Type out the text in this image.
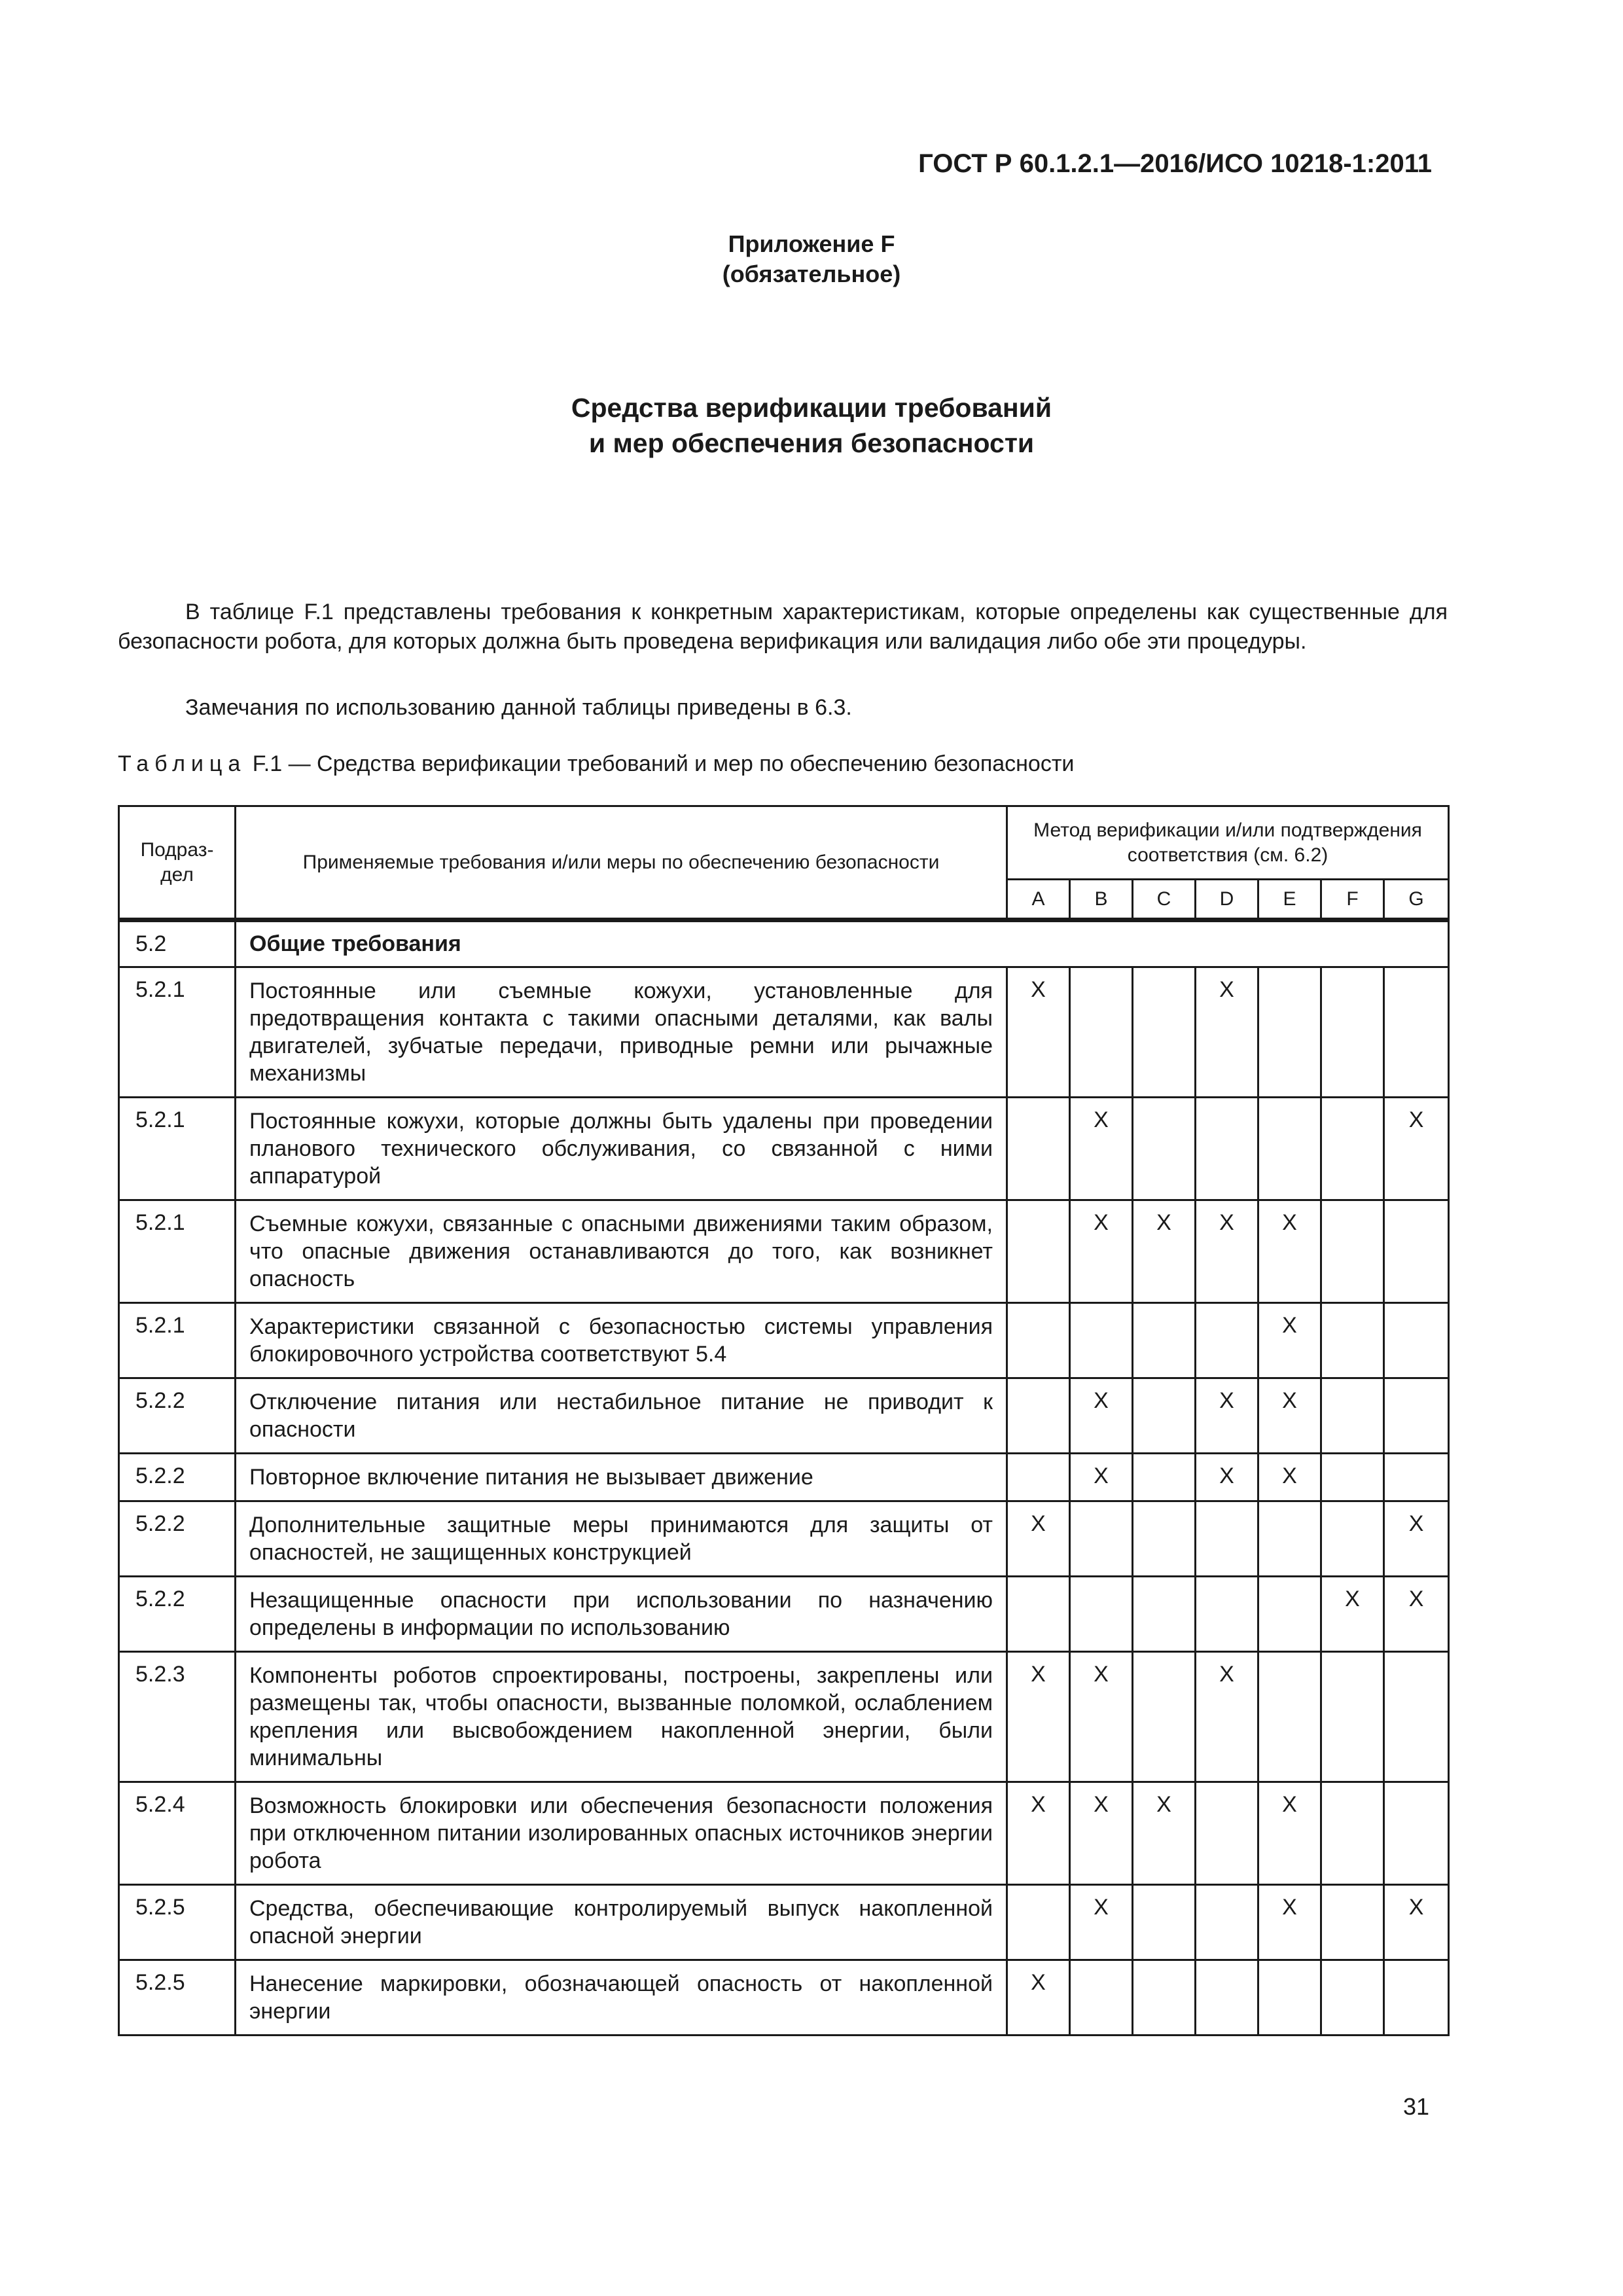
ГОСТ Р 60.1.2.1—2016/ИСО 10218-1:2011
Приложение F
(обязательное)
Средства верификации требований
и мер обеспечения безопасности
В таблице F.1 представлены требования к конкретным характеристикам, которые определены как существенные для безопасности робота, для которых должна быть проведена верификация или валидация либо обе эти процедуры.
Замечания по использованию данной таблицы приведены в 6.3.
Таблица F.1 — Средства верификации требований и мер по обеспечению безопасности
Подраз-дел	Применяемые требования и/или меры по обеспечению безопасности	Метод верификации и/или подтверждения соответствия (см. 6.2)						
		A	B	C	D	E	F	G
5.2	Общие требования							
5.2.1	Постоянные или съемные кожухи, установленные для предотвращения контакта с такими опасными деталями, как валы двигателей, зубчатые передачи, приводные ремни или рычажные механизмы	X			X			
5.2.1	Постоянные кожухи, которые должны быть удалены при проведении планового технического обслуживания, со связанной с ними аппаратурой		X					X
5.2.1	Съемные кожухи, связанные с опасными движениями таким образом, что опасные движения останавливаются до того, как возникнет опасность		X	X	X	X		
5.2.1	Характеристики связанной с безопасностью системы управления блокировочного устройства соответствуют 5.4					X		
5.2.2	Отключение питания или нестабильное питание не приводит к опасности		X		X	X		
5.2.2	Повторное включение питания не вызывает движение		X		X	X		
5.2.2	Дополнительные защитные меры принимаются для защиты от опасностей, не защищенных конструкцией	X						X
5.2.2	Незащищенные опасности при использовании по назначению определены в информации по использованию						X	X
5.2.3	Компоненты роботов спроектированы, построены, закреплены или размещены так, чтобы опасности, вызванные поломкой, ослаблением крепления или высвобождением накопленной энергии, были минимальны	X	X		X			
5.2.4	Возможность блокировки или обеспечения безопасности положения при отключенном питании изолированных опасных источников энергии робота	X	X	X		X		
5.2.5	Средства, обеспечивающие контролируемый выпуск накопленной опасной энергии		X			X		X
5.2.5	Нанесение маркировки, обозначающей опасность от накопленной энергии	X						
31
